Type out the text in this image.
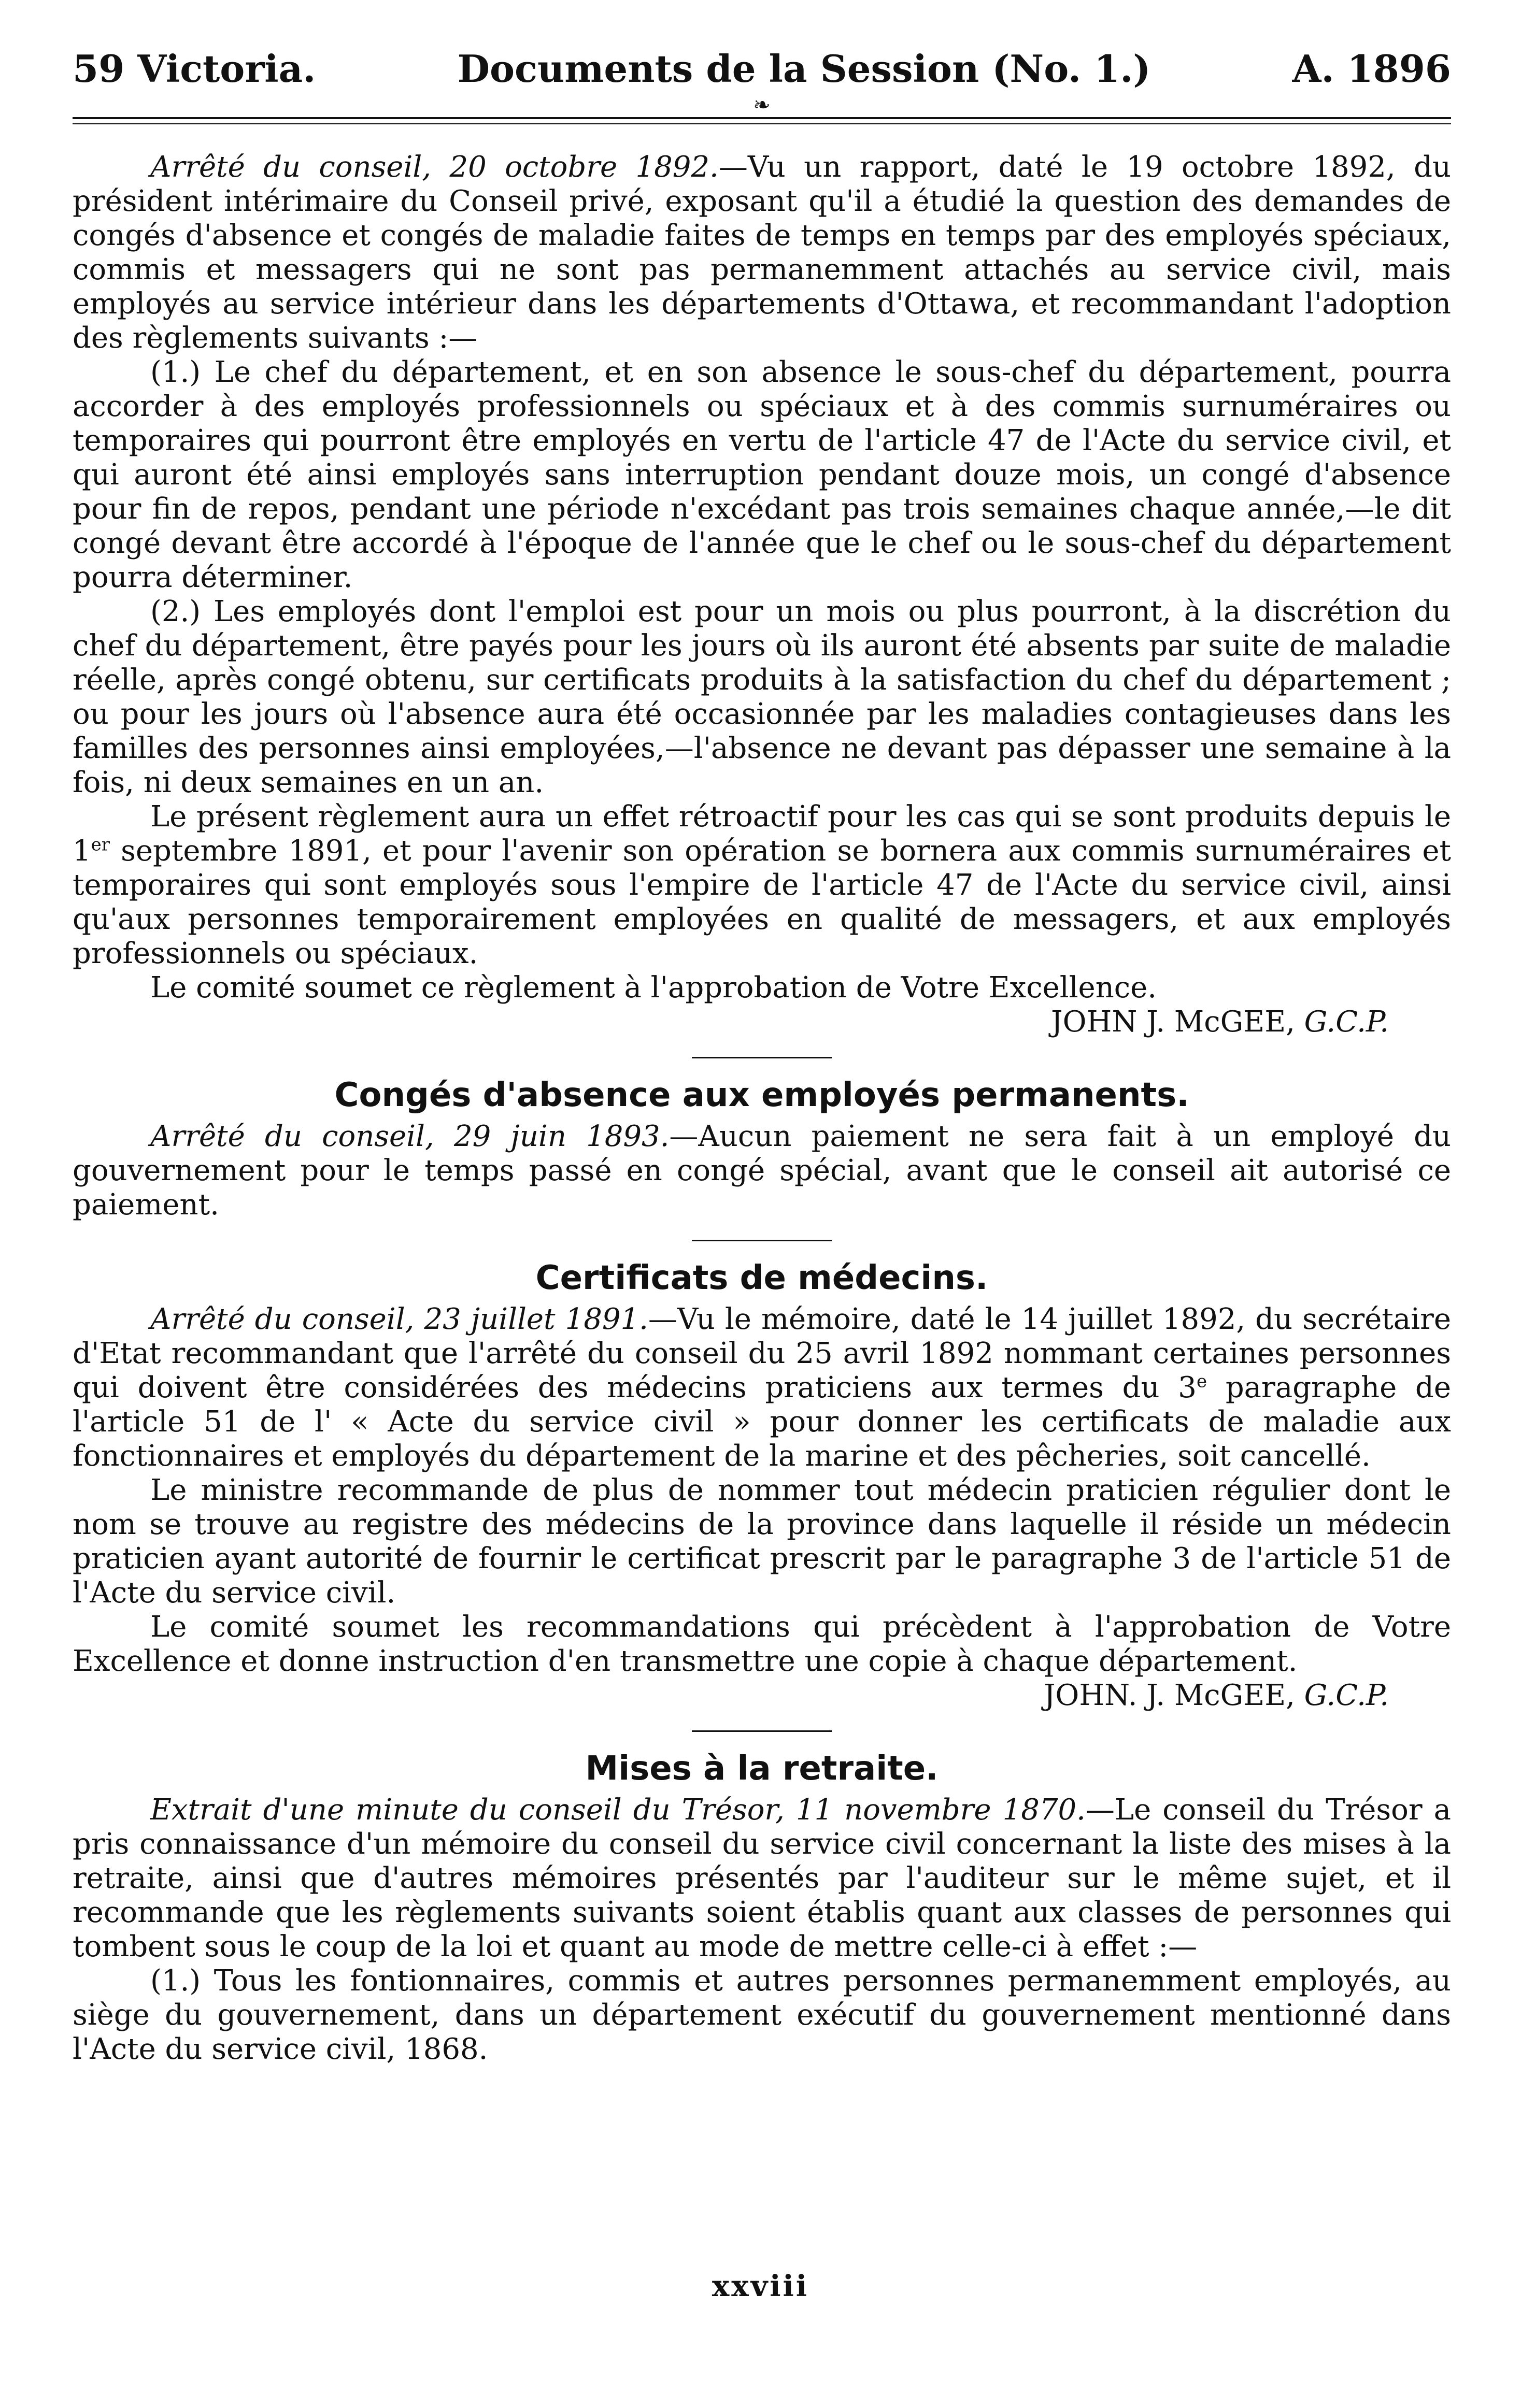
59 Victoria.	Documents de la Session (No. 1.)	A. 1896
❧

Arrêté du conseil, 20 octobre 1892.—Vu un rapport, daté le 19 octobre 1892, du président intérimaire du Conseil privé, exposant qu'il a étudié la question des demandes de congés d'absence et congés de maladie faites de temps en temps par des employés spéciaux, commis et messagers qui ne sont pas permanemment attachés au service civil, mais employés au service intérieur dans les départements d'Ottawa, et recommandant l'adoption des règlements suivants :—

(1.) Le chef du département, et en son absence le sous-chef du département, pourra accorder à des employés professionnels ou spéciaux et à des commis surnuméraires ou temporaires qui pourront être employés en vertu de l'article 47 de l'Acte du service civil, et qui auront été ainsi employés sans interruption pendant douze mois, un congé d'absence pour fin de repos, pendant une période n'excédant pas trois semaines chaque année,—le dit congé devant être accordé à l'époque de l'année que le chef ou le sous-chef du département pourra déterminer.

(2.) Les employés dont l'emploi est pour un mois ou plus pourront, à la discrétion du chef du département, être payés pour les jours où ils auront été absents par suite de maladie réelle, après congé obtenu, sur certificats produits à la satisfaction du chef du département ; ou pour les jours où l'absence aura été occasionnée par les maladies contagieuses dans les familles des personnes ainsi employées,—l'absence ne devant pas dépasser une semaine à la fois, ni deux semaines en un an.

Le présent règlement aura un effet rétroactif pour les cas qui se sont produits depuis le 1er septembre 1891, et pour l'avenir son opération se bornera aux commis surnuméraires et temporaires qui sont employés sous l'empire de l'article 47 de l'Acte du service civil, ainsi qu'aux personnes temporairement employées en qualité de messagers, et aux employés professionnels ou spéciaux.

Le comité soumet ce règlement à l'approbation de Votre Excellence.

JOHN J. McGEE, G.C.P.

Congés d'absence aux employés permanents.

Arrêté du conseil, 29 juin 1893.—Aucun paiement ne sera fait à un employé du gouvernement pour le temps passé en congé spécial, avant que le conseil ait autorisé ce paiement.

Certificats de médecins.

Arrêté du conseil, 23 juillet 1891.—Vu le mémoire, daté le 14 juillet 1892, du secrétaire d'Etat recommandant que l'arrêté du conseil du 25 avril 1892 nommant certaines personnes qui doivent être considérées des médecins praticiens aux termes du 3e paragraphe de l'article 51 de l' « Acte du service civil » pour donner les certificats de maladie aux fonctionnaires et employés du département de la marine et des pêcheries, soit cancellé.

Le ministre recommande de plus de nommer tout médecin praticien régulier dont le nom se trouve au registre des médecins de la province dans laquelle il réside un médecin praticien ayant autorité de fournir le certificat prescrit par le paragraphe 3 de l'article 51 de l'Acte du service civil.

Le comité soumet les recommandations qui précèdent à l'approbation de Votre Excellence et donne instruction d'en transmettre une copie à chaque département.

JOHN. J. McGEE, G.C.P.

Mises à la retraite.

Extrait d'une minute du conseil du Trésor, 11 novembre 1870.—Le conseil du Trésor a pris connaissance d'un mémoire du conseil du service civil concernant la liste des mises à la retraite, ainsi que d'autres mémoires présentés par l'auditeur sur le même sujet, et il recommande que les règlements suivants soient établis quant aux classes de personnes qui tombent sous le coup de la loi et quant au mode de mettre celle-ci à effet :—

(1.) Tous les fontionnaires, commis et autres personnes permanemment employés, au siège du gouvernement, dans un département exécutif du gouvernement mentionné dans l'Acte du service civil, 1868.

xxviii
